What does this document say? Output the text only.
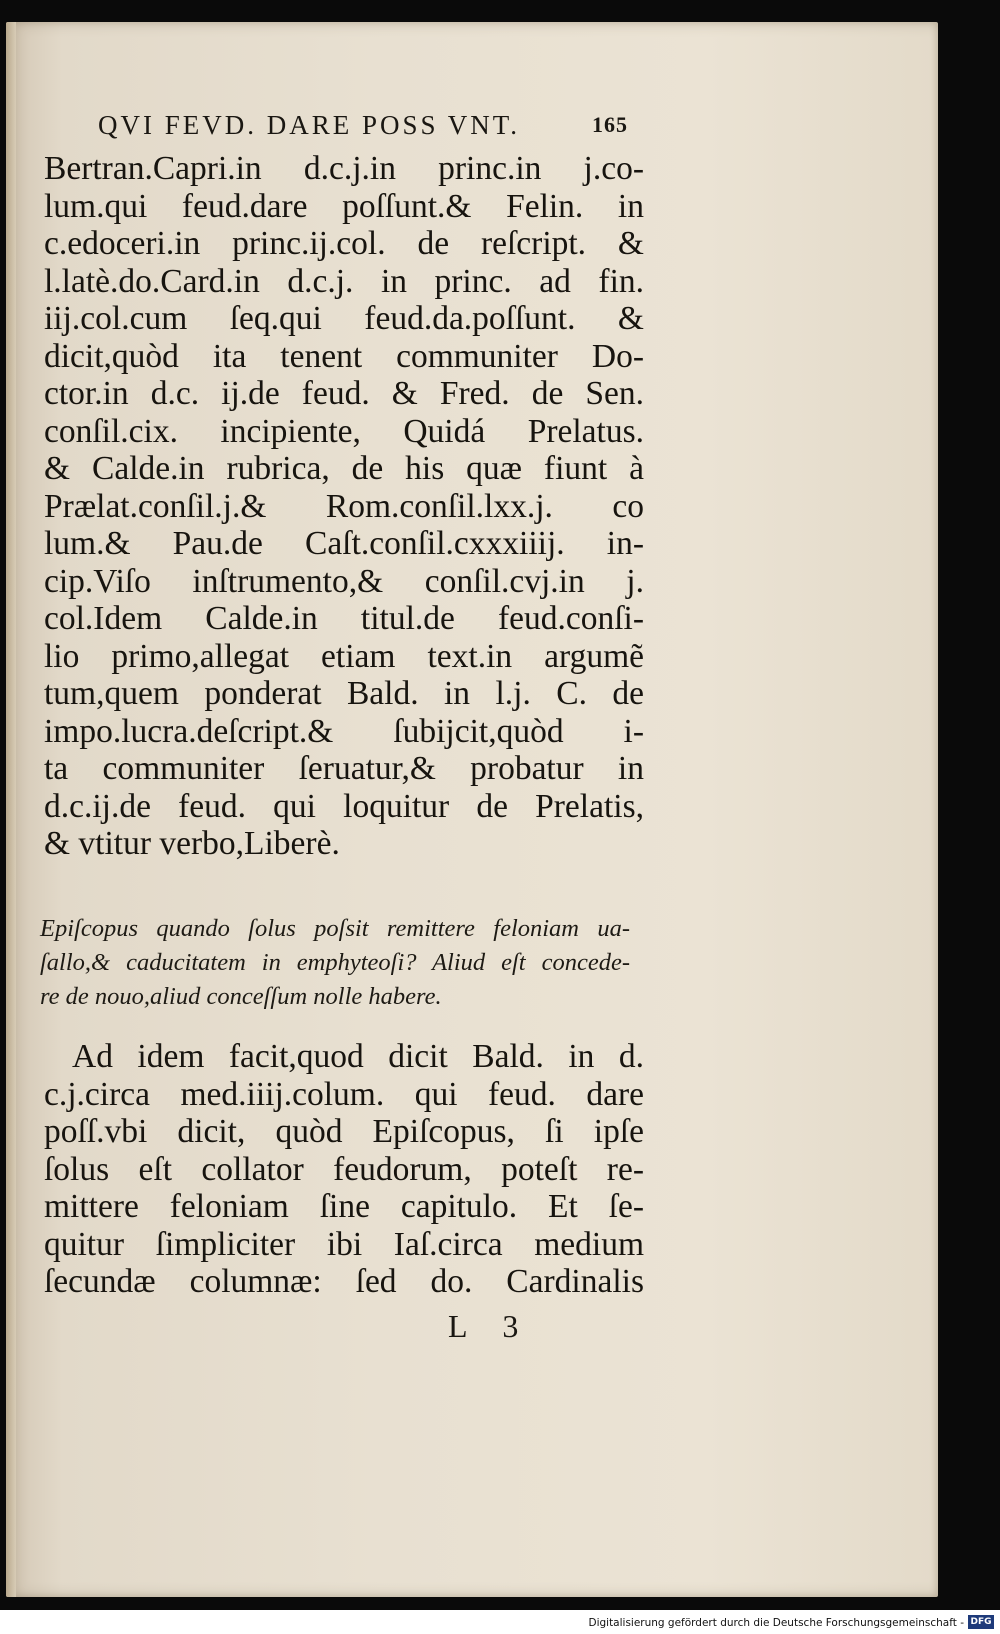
QVI FEVD. DARE POSS VNT.	165
Bertran.Capri.in d.c.j.in princ.in j.co-
lum.qui feud.dare poſſunt.& Felin. in
c.edoceri.in princ.ij.col. de reſcript. &
l.latè.do.Card.in d.c.j. in princ. ad fin.
iij.col.cum ſeq.qui feud.da.poſſunt. &
dicit,quòd ita tenent communiter Do-
ctor.in d.c. ij.de feud. & Fred. de Sen.
conſil.cix. incipiente, Quidá Prelatus.
& Calde.in rubrica, de his quæ fiunt à
Prælat.conſil.j.& Rom.conſil.lxx.j. co
lum.& Pau.de Caſt.conſil.cxxxiiij. in-
cip.Viſo inſtrumento,& conſil.cvj.in j.
col.Idem Calde.in titul.de feud.conſi-
lio primo,allegat etiam text.in argumẽ
tum,quem ponderat Bald. in l.j. C. de
impo.lucra.deſcript.& ſubijcit,quòd i-
ta communiter ſeruatur,& probatur in
d.c.ij.de feud. qui loquitur de Prelatis,
& vtitur verbo,Liberè.
Epiſcopus quando ſolus poſsit remittere feloniam ua-
ſallo,& caducitatem in emphyteoſi? Aliud eſt concede-
re de nouo,aliud conceſſum nolle habere.
Ad idem facit,quod dicit Bald. in d.
c.j.circa med.iiij.colum. qui feud. dare
poſſ.vbi dicit, quòd Epiſcopus, ſi ipſe
ſolus eſt collator feudorum, poteſt re-
mittere feloniam ſine capitulo. Et ſe-
quitur ſimpliciter ibi Iaſ.circa medium
ſecundæ columnæ: ſed do. Cardinalis
L 3
Digitalisierung gefördert durch die Deutsche Forschungsgemeinschaft - DFG
